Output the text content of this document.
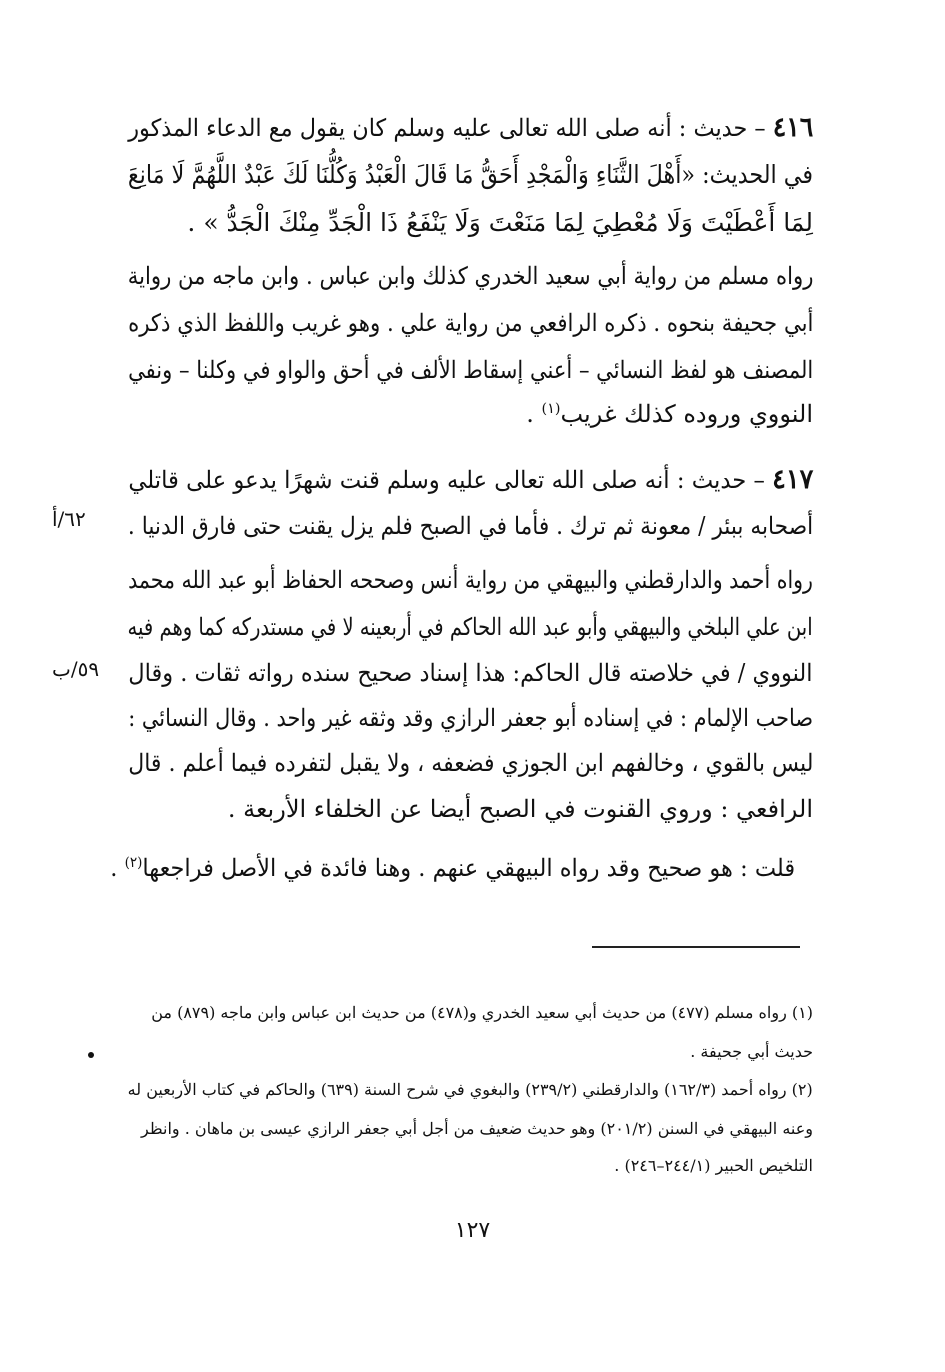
٤١٦ – حديث : أنه صلى الله تعالى عليه وسلم كان يقول مع الدعاء المذكور
في الحديث: «أَهْلَ الثَّنَاءِ وَالْمَجْدِ أَحَقُّ مَا قَالَ الْعَبْدُ وَكُلُّنَا لَكَ عَبْدٌ اللَّهُمَّ لَا مَانِعَ
لِمَا أَعْطَيْتَ وَلَا مُعْطِيَ لِمَا مَنَعْتَ وَلَا يَنْفَعُ ذَا الْجَدِّ مِنْكَ الْجَدُّ » .
رواه مسلم من رواية أبي سعيد الخدري كذلك وابن عباس . وابن ماجه من رواية
أبي جحيفة بنحوه . ذكره الرافعي من رواية علي . وهو غريب واللفظ الذي ذكره
المصنف هو لفظ النسائي – أعني إسقاط الألف في أحق والواو في وكلنا – ونفي
النووي وروده كذلك غريب$^{(١)}$ .
٤١٧ – حديث : أنه صلى الله تعالى عليه وسلم قنت شهرًا يدعو على قاتلي
أصحابه ببئر / معونة ثم ترك . فأما في الصبح فلم يزل يقنت حتى فارق الدنيا .
٦٢/أ
رواه أحمد والدارقطني والبيهقي من رواية أنس وصححه الحفاظ أبو عبد الله محمد
ابن علي البلخي والبيهقي وأبو عبد الله الحاكم في أربعينه لا في مستدركه كما وهم فيه
النووي / في خلاصته قال الحاكم: هذا إسناد صحيح سنده رواته ثقات . وقال
٥٩/ب
صاحب الإلمام : في إسناده أبو جعفر الرازي وقد وثقه غير واحد . وقال النسائي :
ليس بالقوي ، وخالفهم ابن الجوزي فضعفه ، ولا يقبل لتفرده فيما أعلم . قال
الرافعي : وروي القنوت في الصبح أيضا عن الخلفاء الأربعة .
قلت : هو صحيح وقد رواه البيهقي عنهم . وهنا فائدة في الأصل فراجعها$^{(٢)}$ .
(١) رواه مسلم (٤٧٧) من حديث أبي سعيد الخدري و(٤٧٨) من حديث ابن عباس وابن ماجه (٨٧٩) من
حديث أبي جحيفة .
(٢) رواه أحمد (١٦٢/٣) والدارقطني (٢٣٩/٢) والبغوي في شرح السنة (٦٣٩) والحاكم في كتاب الأربعين له
وعنه البيهقي في السنن (٢٠١/٢) وهو حديث ضعيف من أجل أبي جعفر الرازي عيسى بن ماهان . وانظر
التلخيص الحبير (٢٤٤/١–٢٤٦) .
١٢٧
